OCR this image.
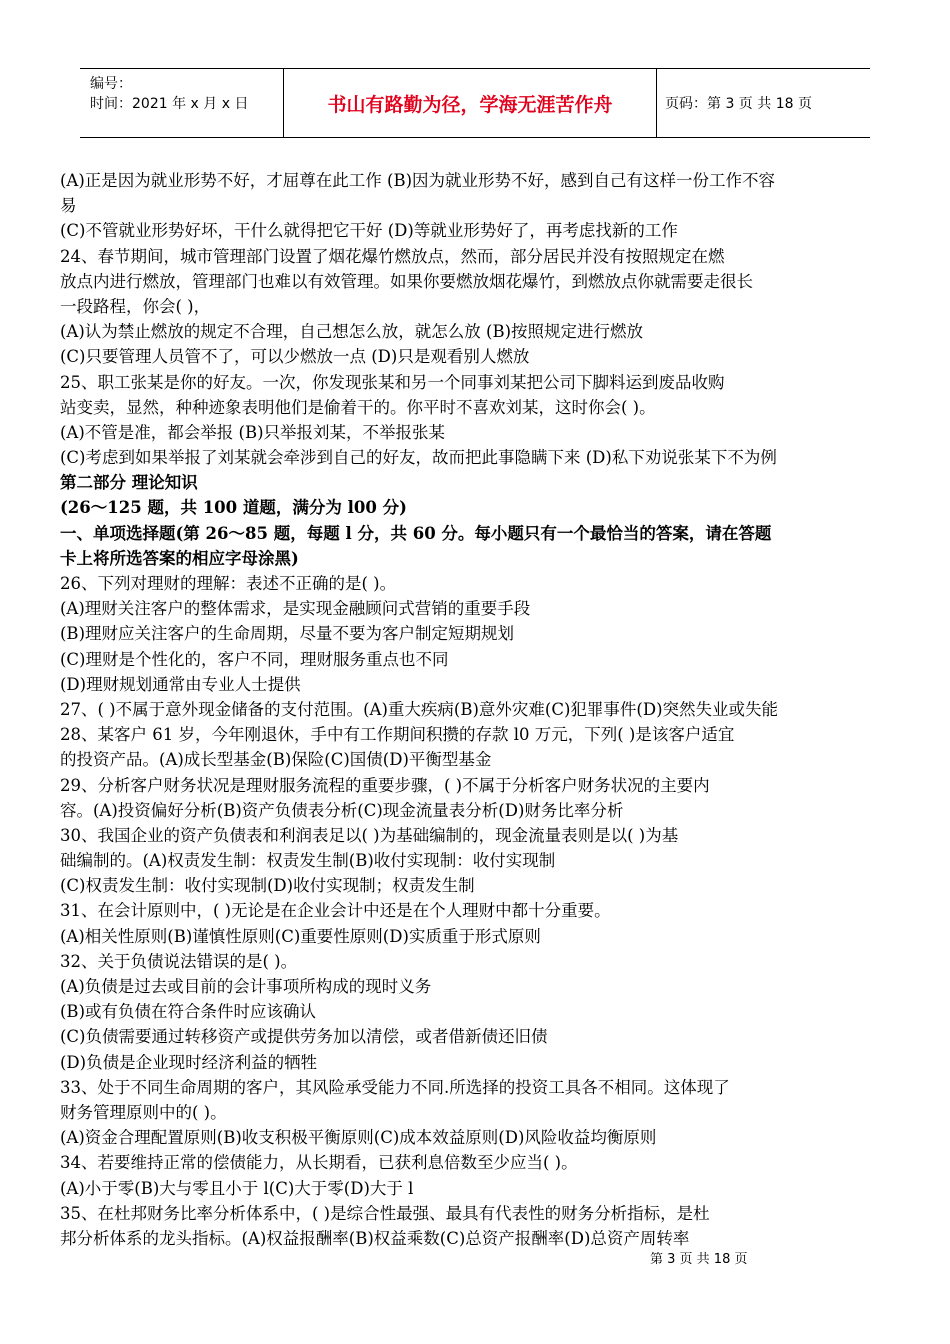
编号：
时间：2021 年 x 月 x 日	书山有路勤为径，学海无涯苦作舟	页码：第 3 页 共 18 页
(A)正是因为就业形势不好，才屈尊在此工作 (B)因为就业形势不好，感到自己有这样一份工作不容
易
(C)不管就业形势好坏，干什么就得把它干好 (D)等就业形势好了，再考虑找新的工作
24、春节期间，城市管理部门设置了烟花爆竹燃放点，然而，部分居民并没有按照规定在燃
放点内进行燃放，管理部门也难以有效管理。如果你要燃放烟花爆竹，到燃放点你就需要走很长
一段路程，你会( )，
(A)认为禁止燃放的规定不合理，自己想怎么放，就怎么放 (B)按照规定进行燃放
(C)只要管理人员管不了，可以少燃放一点 (D)只是观看别人燃放
25、职工张某是你的好友。一次，你发现张某和另一个同事刘某把公司下脚料运到废品收购
站变卖，显然，种种迹象表明他们是偷着干的。你平时不喜欢刘某，这时你会( )。
(A)不管是准，都会举报 (B)只举报刘某，不举报张某
(C)考虑到如果举报了刘某就会牵涉到自己的好友，故而把此事隐瞒下来 (D)私下劝说张某下不为例
第二部分 理论知识
(26～125 题，共 100 道题，满分为 l00 分)
一、单项选择题(第 26～85 题，每题 l 分，共 60 分。每小题只有一个最恰当的答案，请在答题
卡上将所选答案的相应字母涂黑)
26、下列对理财的理解：表述不正确的是( )。
(A)理财关注客户的整体需求，是实现金融顾问式营销的重要手段
(B)理财应关注客户的生命周期，尽量不要为客户制定短期规划
(C)理财是个性化的，客户不同，理财服务重点也不同
(D)理财规划通常由专业人士提供
27、( )不属于意外现金储备的支付范围。(A)重大疾病(B)意外灾难(C)犯罪事件(D)突然失业或失能
28、某客户 61 岁，今年刚退休，手中有工作期间积攒的存款 l0 万元，下列( )是该客户适宜
的投资产品。(A)成长型基金(B)保险(C)国债(D)平衡型基金
29、分析客户财务状况是理财服务流程的重要步骤，( )不属于分析客户财务状况的主要内
容。(A)投资偏好分析(B)资产负债表分析(C)现金流量表分析(D)财务比率分析
30、我国企业的资产负债表和利润表足以( )为基础编制的，现金流量表则是以( )为基
础编制的。(A)权责发生制：权责发生制(B)收付实现制：收付实现制
(C)权责发生制：收付实现制(D)收付实现制；权责发生制
31、在会计原则中，( )无论是在企业会计中还是在个人理财中都十分重要。
(A)相关性原则(B)谨慎性原则(C)重要性原则(D)实质重于形式原则
32、关于负债说法错误的是( )。
(A)负债是过去或目前的会计事项所构成的现时义务
(B)或有负债在符合条件时应该确认
(C)负债需要通过转移资产或提供劳务加以清偿，或者借新债还旧债
(D)负债是企业现时经济利益的牺牲
33、处于不同生命周期的客户，其风险承受能力不同.所选择的投资工具各不相同。这体现了
财务管理原则中的( )。
(A)资金合理配置原则(B)收支积极平衡原则(C)成本效益原则(D)风险收益均衡原则
34、若要维持正常的偿债能力，从长期看，已获利息倍数至少应当( )。
(A)小于零(B)大与零且小于 l(C)大于零(D)大于 l
35、在杜邦财务比率分析体系中，( )是综合性最强、最具有代表性的财务分析指标，是杜
邦分析体系的龙头指标。(A)权益报酬率(B)权益乘数(C)总资产报酬率(D)总资产周转率
第 3 页 共 18 页
